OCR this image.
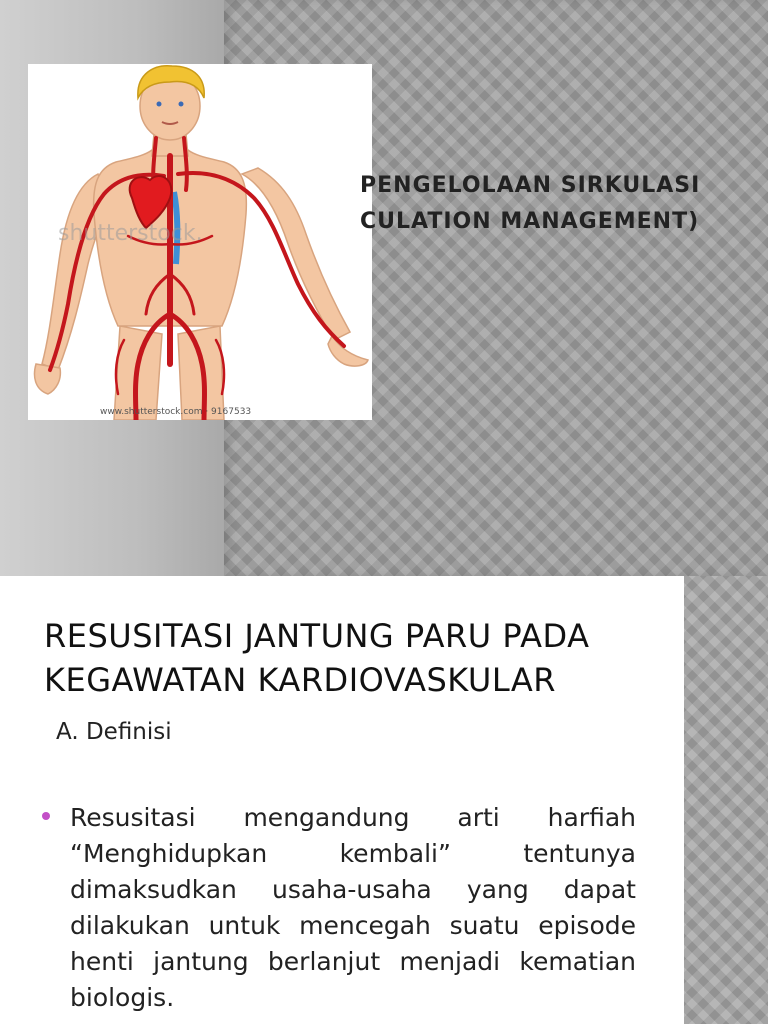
shutterstock.
www.shutterstock.com · 9167533
PENGELOLAAN SIRKULASI
CULATION MANAGEMENT)
RESUSITASI JANTUNG PARU PADA
KEGAWATAN KARDIOVASKULAR
A. Definisi
Resusitasi mengandung arti harfiah
“Menghidupkan kembali” tentunya
dimaksudkan usaha-usaha yang dapat
dilakukan untuk mencegah suatu episode
henti jantung berlanjut menjadi kematian
biologis.
